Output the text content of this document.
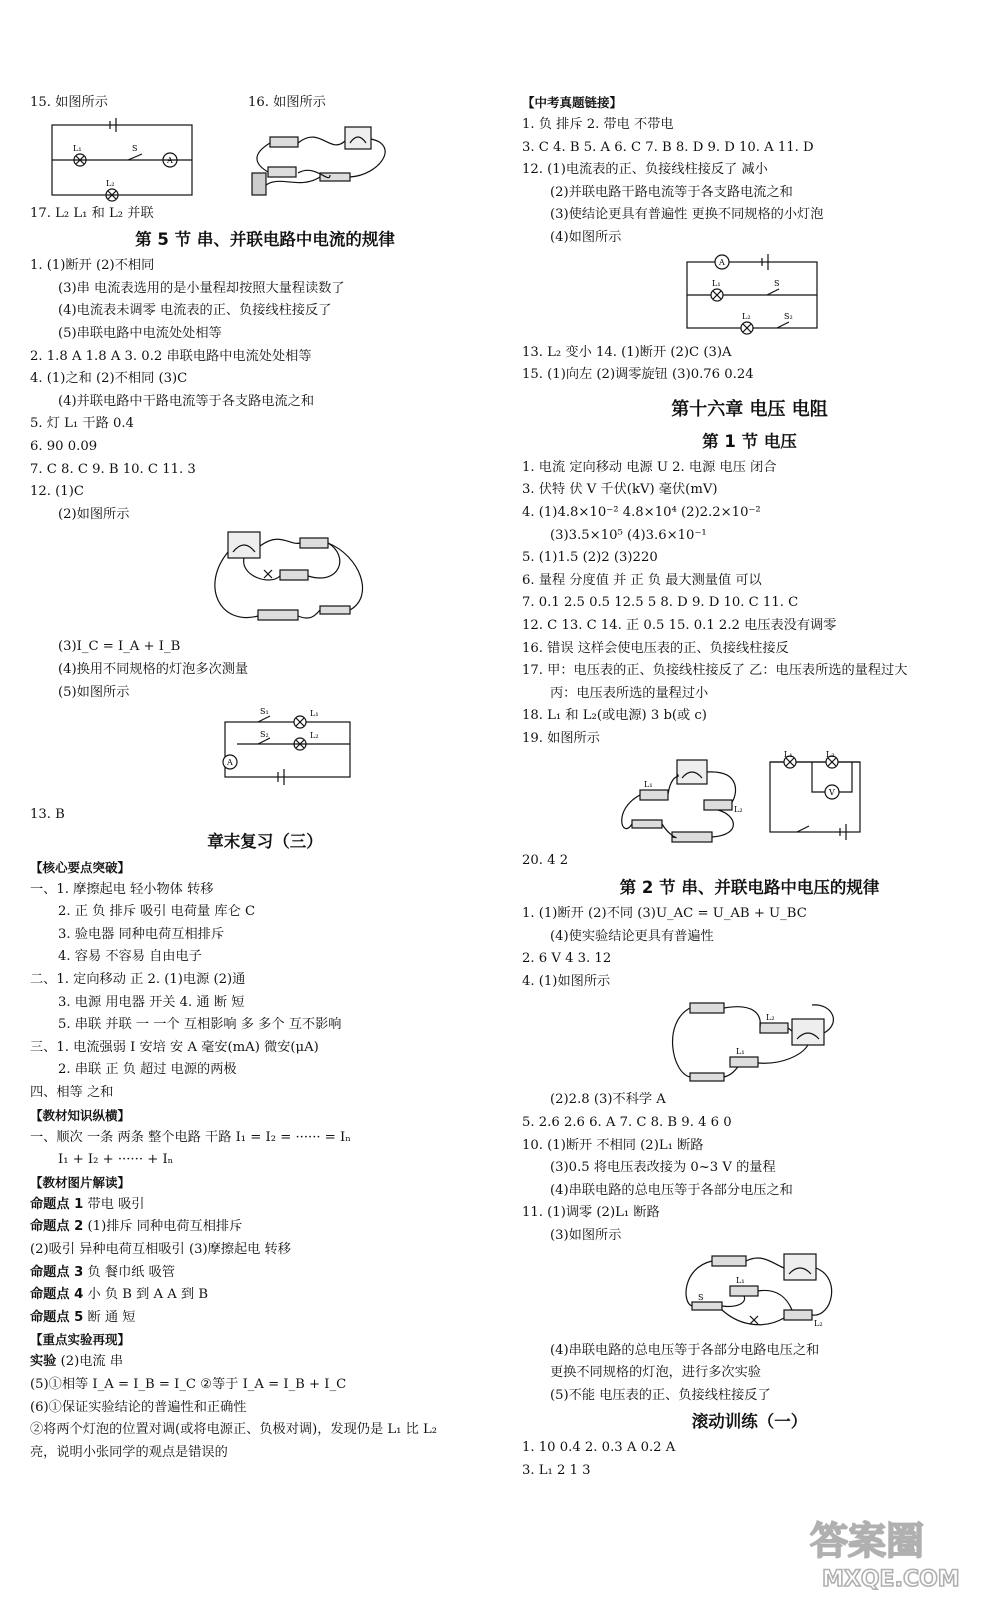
15. 如图所示	16. 如图所示
L₁	S
A
L₂
17. L₂ L₁ 和 L₂ 并联
第 5 节 串、并联电路中电流的规律
1. (1)断开 (2)不相同
(3)串 电流表选用的是小量程却按照大量程读数了
(4)电流表未调零 电流表的正、负接线柱接反了
(5)串联电路中电流处处相等
2. 1.8 A 1.8 A 3. 0.2 串联电路中电流处处相等
4. (1)之和 (2)不相同 (3)C
(4)并联电路中干路电流等于各支路电流之和
5. 灯 L₁ 干路 0.4
6. 90 0.09
7. C 8. C 9. B 10. C 11. 3
12. (1)C
(2)如图所示
(3)I_C = I_A + I_B
(4)换用不同规格的灯泡多次测量
(5)如图所示
A
S₁	L₁
S₂	L₂
13. B
章末复习（三）
【核心要点突破】
一、1. 摩擦起电 轻小物体 转移
2. 正 负 排斥 吸引 电荷量 库仑 C
3. 验电器 同种电荷互相排斥
4. 容易 不容易 自由电子
二、1. 定向移动 正 2. (1)电源 (2)通
3. 电源 用电器 开关 4. 通 断 短
5. 串联 并联 一 一个 互相影响 多 多个 互不影响
三、1. 电流强弱 I 安培 安 A 毫安(mA) 微安(μA)
2. 串联 正 负 超过 电源的两极
四、相等 之和
【教材知识纵横】
一、顺次 一条 两条 整个电路 干路 I₁ = I₂ = ······ = Iₙ
I₁ + I₂ + ······ + Iₙ
【教材图片解读】
命题点 1 带电 吸引
命题点 2 (1)排斥 同种电荷互相排斥
(2)吸引 异种电荷互相吸引 (3)摩擦起电 转移
命题点 3 负 餐巾纸 吸管
命题点 4 小 负 B 到 A A 到 B
命题点 5 断 通 短
【重点实验再现】
实验 (2)电流 串
(5)①相等 I_A = I_B = I_C ②等于 I_A = I_B + I_C
(6)①保证实验结论的普遍性和正确性
②将两个灯泡的位置对调(或将电源正、负极对调)，发现仍是 L₁ 比 L₂
亮，说明小张同学的观点是错误的
【中考真题链接】
1. 负 排斥 2. 带电 不带电
3. C 4. B 5. A 6. C 7. B 8. D 9. D 10. A 11. D
12. (1)电流表的正、负接线柱接反了 减小
(2)并联电路干路电流等于各支路电流之和
(3)使结论更具有普遍性 更换不同规格的小灯泡
(4)如图所示
A
L₁	S
L₂	S₂
13. L₂ 变小 14. (1)断开 (2)C (3)A
15. (1)向左 (2)调零旋钮 (3)0.76 0.24
第十六章 电压 电阻
第 1 节 电压
1. 电流 定向移动 电源 U 2. 电源 电压 闭合
3. 伏特 伏 V 千伏(kV) 毫伏(mV)
4. (1)4.8×10⁻² 4.8×10⁴ (2)2.2×10⁻²
(3)3.5×10⁵ (4)3.6×10⁻¹
5. (1)1.5 (2)2 (3)220
6. 量程 分度值 并 正 负 最大测量值 可以
7. 0.1 2.5 0.5 12.5 5 8. D 9. D 10. C 11. C
12. C 13. C 14. 正 0.5 15. 0.1 2.2 电压表没有调零
16. 错误 这样会使电压表的正、负接线柱接反
17. 甲：电压表的正、负接线柱接反了 乙：电压表所选的量程过大
丙：电压表所选的量程过小
18. L₁ 和 L₂(或电源) 3 b(或 c)
19. 如图所示
L₁
L₂
L₁	L₂
V
20. 4 2
第 2 节 串、并联电路中电压的规律
1. (1)断开 (2)不同 (3)U_AC = U_AB + U_BC
(4)使实验结论更具有普遍性
2. 6 V 4 3. 12
4. (1)如图所示
L₂
L₁
(2)2.8 (3)不科学 A
5. 2.6 2.6 6. A 7. C 8. B 9. 4 6 0
10. (1)断开 不相同 (2)L₁ 断路
(3)0.5 将电压表改接为 0~3 V 的量程
(4)串联电路的总电压等于各部分电压之和
11. (1)调零 (2)L₁ 断路
(3)如图所示
S
L₁
L₂
(4)串联电路的总电压等于各部分电路电压之和
更换不同规格的灯泡，进行多次实验
(5)不能 电压表的正、负接线柱接反了
滚动训练（一）
1. 10 0.4 2. 0.3 A 0.2 A
3. L₁ 2 1 3
答案圈
MXQE.COM
